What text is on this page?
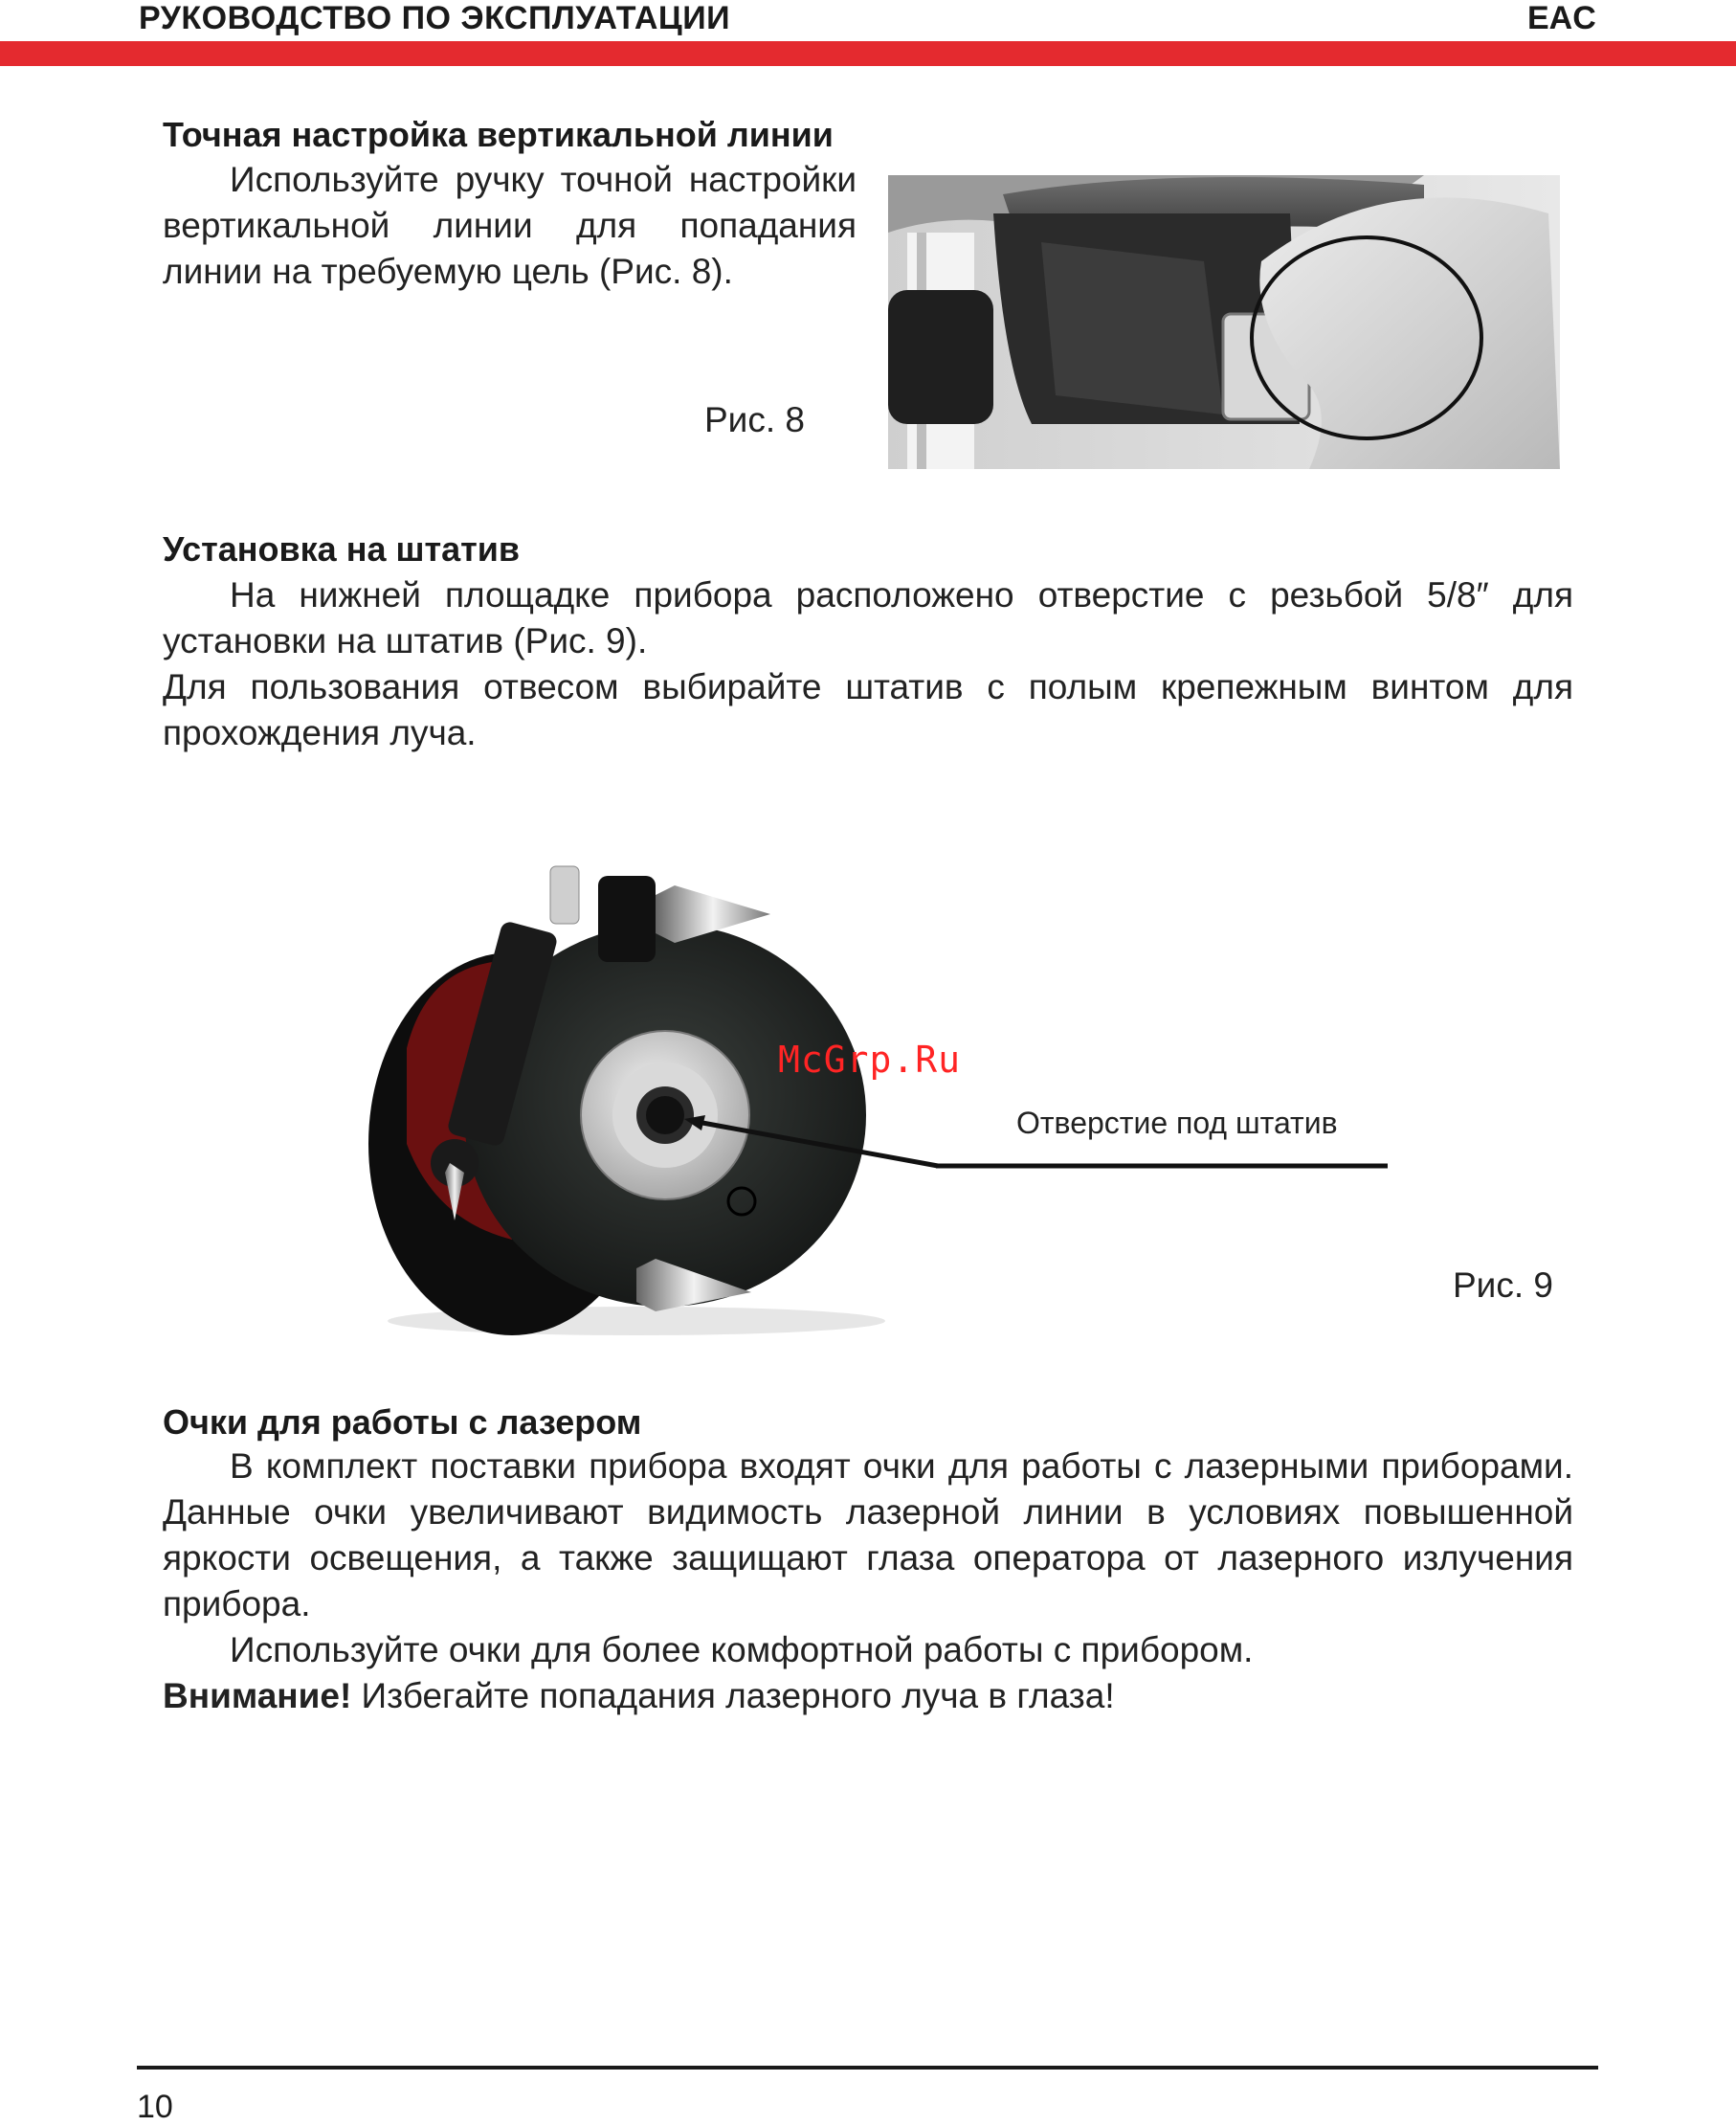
РУКОВОДСТВО ПО ЭКСПЛУАТАЦИИ	EAC
Точная настройка вертикальной линии

Используйте ручку точной настройки вертикальной линии для попадания линии на требуемую цель (Рис. 8).

Рис. 8
Установка на штатив

На нижней площадке прибора расположено отверстие с резьбой 5/8″ для установки на штатив (Рис. 9).

Для пользования отвесом выбирайте штатив с полым крепежным винтом для прохождения луча.

McGrp.Ru
Отверстие под штатив
Рис. 9
Очки для работы с лазером

В комплект поставки прибора входят очки для работы с лазерными приборами. Данные очки увеличивают видимость лазерной линии в условиях повышенной яркости освещения, а также защищают глаза оператора от лазерного излучения прибора.

Используйте очки для более комфортной работы с прибором.

Внимание! Избегайте попадания лазерного луча в глаза!

10
